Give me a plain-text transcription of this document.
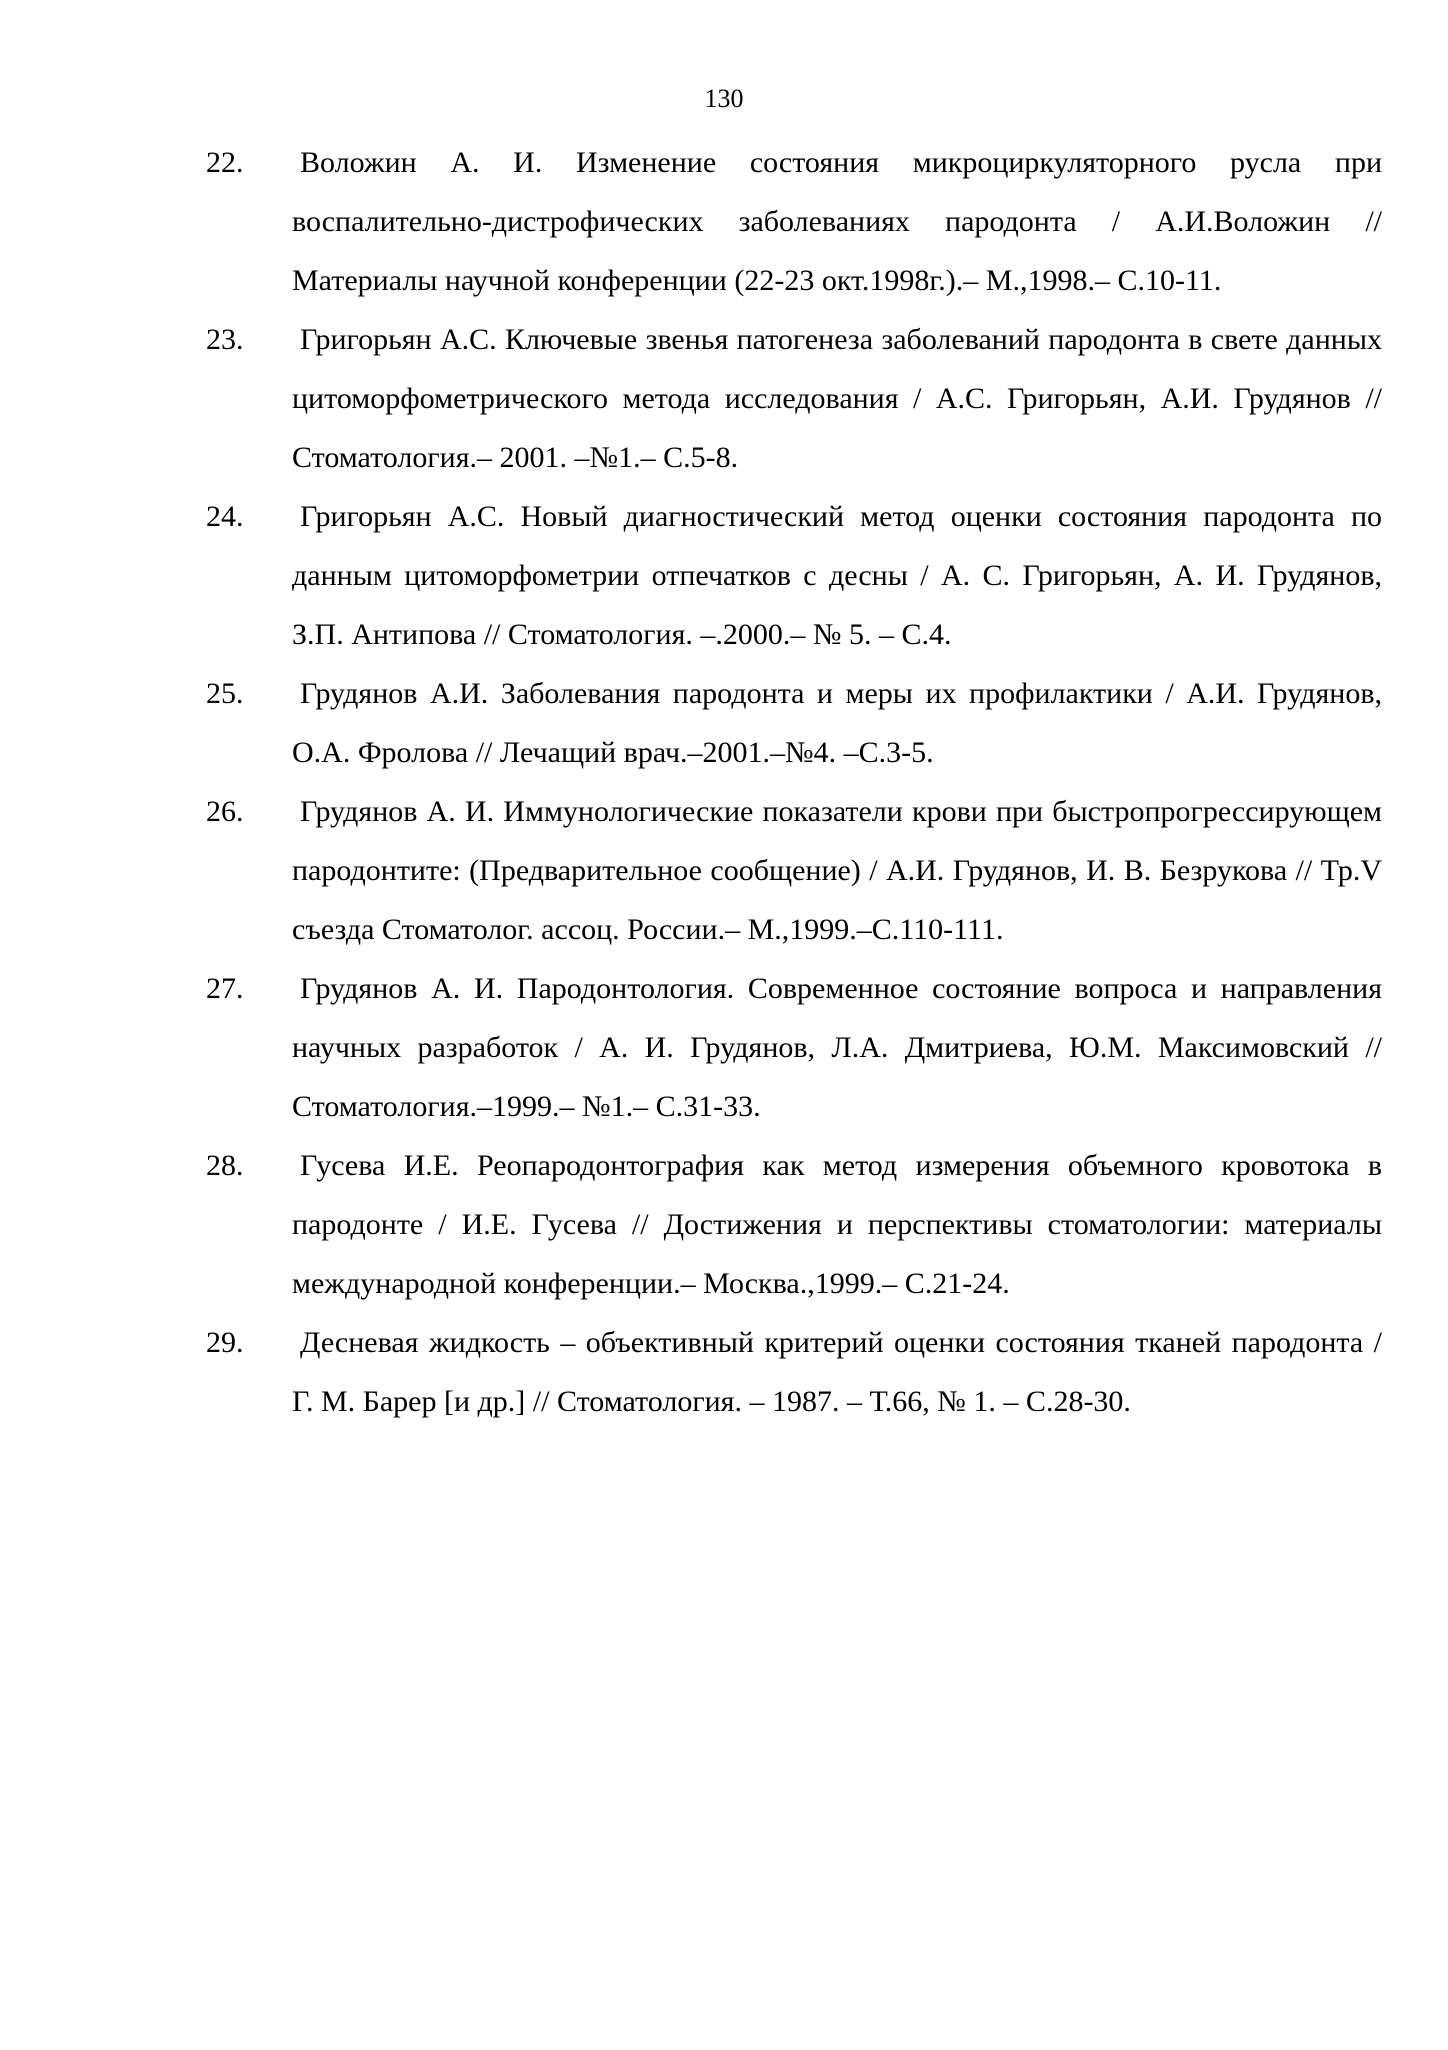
130
22.	Воложин А. И. Изменение состояния микроциркуляторного русла при воспалительно-дистрофических заболеваниях пародонта / А.И.Воложин // Материалы научной конференции (22-23 окт.1998г.).– М.,1998.– С.10-11.
23.	Григорьян А.С. Ключевые звенья патогенеза заболеваний пародонта в свете данных цитоморфометрического метода исследования / А.С. Григорьян, А.И. Грудянов // Стоматология.– 2001. –№1.– С.5-8.
24.	Григорьян А.С. Новый диагностический метод оценки состояния пародонта по данным цитоморфометрии отпечатков с десны / А. С. Григорьян, А. И. Грудянов, З.П. Антипова // Стоматология. –.2000.– № 5. – С.4.
25.	Грудянов А.И. Заболевания пародонта и меры их профилактики / А.И. Грудянов, О.А. Фролова // Лечащий врач.–2001.–№4. –С.3-5.
26.	Грудянов А. И. Иммунологические показатели крови при быстропрогрессирующем пародонтите: (Предварительное сообщение) / А.И. Грудянов, И. В. Безрукова // Тр.V съезда Стоматолог. ассоц. России.– М.,1999.–С.110-111.
27.	Грудянов А. И. Пародонтология. Современное состояние вопроса и направления научных разработок / А. И. Грудянов, Л.А. Дмитриева, Ю.М. Максимовский // Стоматология.–1999.– №1.– С.31-33.
28.	Гусева И.Е. Реопародонтография как метод измерения объемного кровотока в пародонте / И.Е. Гусева // Достижения и перспективы стоматологии: материалы международной конференции.– Москва.,1999.– С.21-24.
29.	Десневая жидкость – объективный критерий оценки состояния тканей пародонта / Г. М. Барер [и др.] // Стоматология. – 1987. – Т.66, № 1. – С.28-30.
